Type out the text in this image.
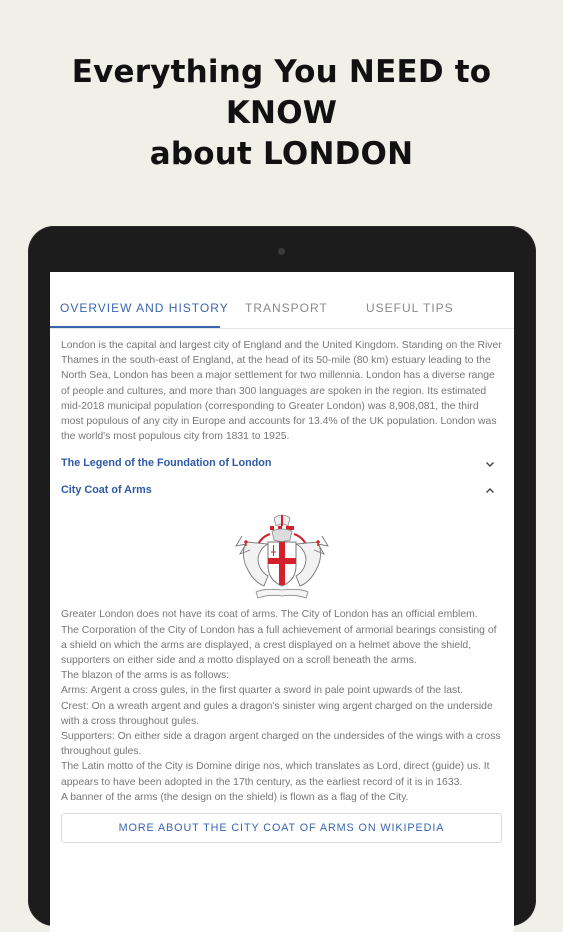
Everything You NEED to
KNOW
about LONDON
OVERVIEW AND HISTORY TRANSPORT	USEFUL TIPS

London is the capital and largest city of England and the United Kingdom. Standing on the River Thames in the south-east of England, at the head of its 50-mile (80 km) estuary leading to the North Sea, London has been a major settlement for two millennia. London has a diverse range of people and cultures, and more than 300 languages are spoken in the region. Its estimated mid-2018 municipal population (corresponding to Greater London) was 8,908,081, the third most populous of any city in Europe and accounts for 13.4% of the UK population. London was the world's most populous city from 1831 to 1925.

The Legend of the Foundation of London
City Coat of Arms

Greater London does not have its coat of arms. The City of London has an official emblem.

The Corporation of the City of London has a full achievement of armorial bearings consisting of a shield on which the arms are displayed, a crest displayed on a helmet above the shield, supporters on either side and a motto displayed on a scroll beneath the arms.

The blazon of the arms is as follows:

Arms: Argent a cross gules, in the first quarter a sword in pale point upwards of the last.

Crest: On a wreath argent and gules a dragon's sinister wing argent charged on the underside with a cross throughout gules.

Supporters: On either side a dragon argent charged on the undersides of the wings with a cross throughout gules.

The Latin motto of the City is Domine dirige nos, which translates as Lord, direct (guide) us. It appears to have been adopted in the 17th century, as the earliest record of it is in 1633.

A banner of the arms (the design on the shield) is flown as a flag of the City.

MORE ABOUT THE CITY COAT OF ARMS ON WIKIPEDIA
